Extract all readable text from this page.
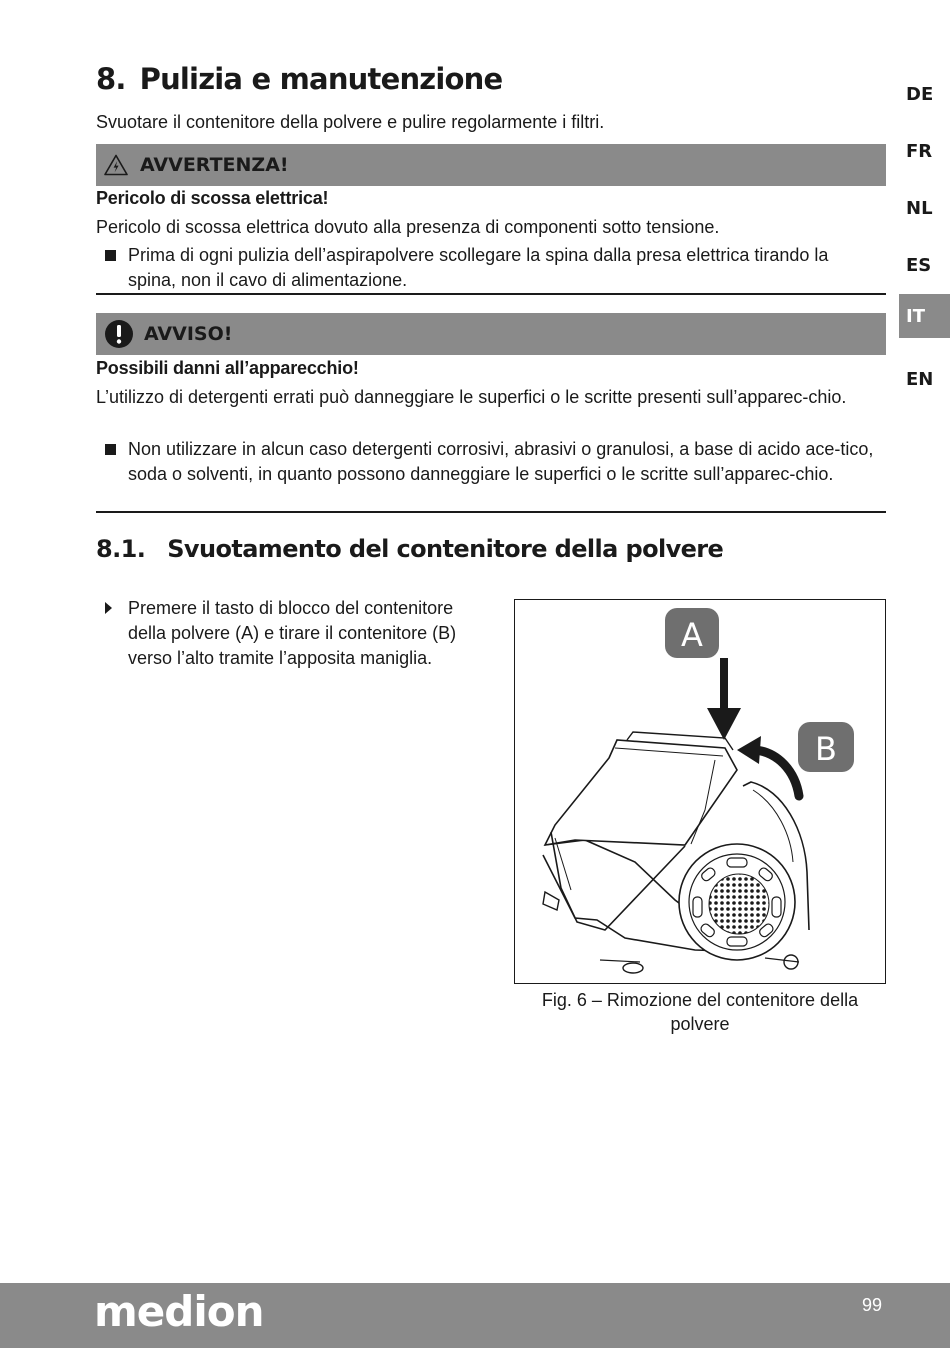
8. Pulizia e manutenzione
Svuotare il contenitore della polvere e pulire regolarmente i filtri.
AVVERTENZA!
Pericolo di scossa elettrica!
Pericolo di scossa elettrica dovuto alla presenza di componenti sotto tensione.
Prima di ogni pulizia dell’aspirapolvere scollegare la spina dalla presa elettrica tirando la spina, non il cavo di alimentazione.
AVVISO!
Possibili danni all’apparecchio!
L’utilizzo di detergenti errati può danneggiare le superfici o le scritte presenti sull’apparec-chio.
Non utilizzare in alcun caso detergenti corrosivi, abrasivi o granulosi, a base di acido ace-tico, soda o solventi, in quanto possono danneggiare le superfici o le scritte sull’apparec-chio.
8.1. Svuotamento del contenitore della polvere
Premere il tasto di blocco del contenitore della polvere (A) e tirare il contenitore (B) verso l’alto tramite l’apposita maniglia.
A
B
Fig. 6 – Rimozione del contenitore della polvere
DE
FR
NL
ES
IT
EN
medion	99
